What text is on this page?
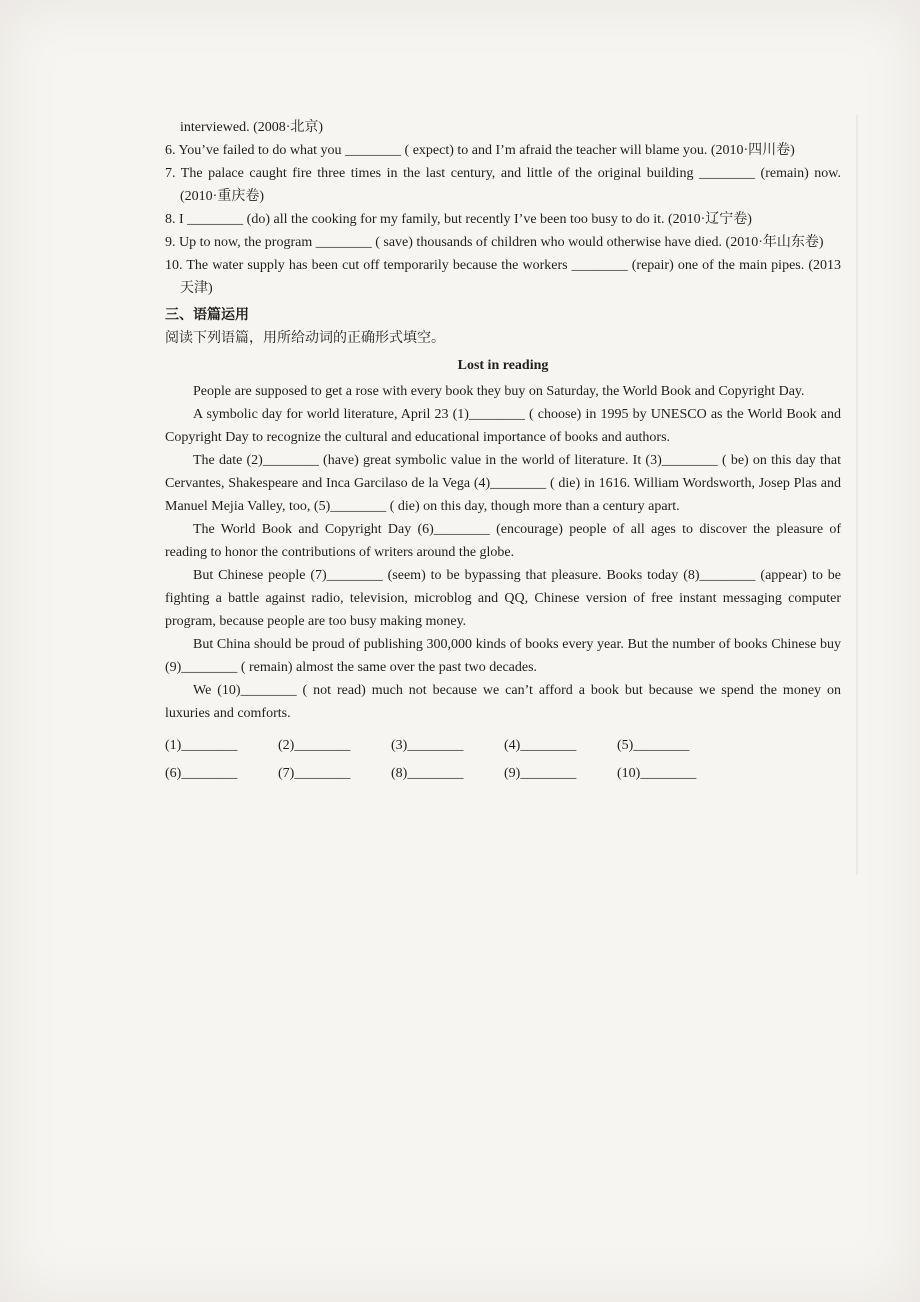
interviewed. (2008·北京)

6. You’ve failed to do what you ________ ( expect) to and I’m afraid the teacher will blame you. (2010·四川卷)

7. The palace caught fire three times in the last century, and little of the original building ________ (remain) now. (2010·重庆卷)

8. I ________ (do) all the cooking for my family, but recently I’ve been too busy to do it. (2010·辽宁卷)

9. Up to now, the program ________ ( save) thousands of children who would otherwise have died. (2010·年山东卷)

10. The water supply has been cut off temporarily because the workers ________ (repair) one of the main pipes. (2013 天津)

三、语篇运用

阅读下列语篇，用所给动词的正确形式填空。

Lost in reading

People are supposed to get a rose with every book they buy on Saturday, the World Book and Copyright Day.

A symbolic day for world literature, April 23 (1)________ ( choose) in 1995 by UNESCO as the World Book and Copyright Day to recognize the cultural and educational importance of books and authors.

The date (2)________ (have) great symbolic value in the world of literature. It (3)________ ( be) on this day that Cervantes, Shakespeare and Inca Garcilaso de la Vega (4)________ ( die) in 1616. William Wordsworth, Josep Plas and Manuel Mejia Valley, too, (5)________ ( die) on this day, though more than a century apart.

The World Book and Copyright Day (6)________ (encourage) people of all ages to discover the pleasure of reading to honor the contributions of writers around the globe.

But Chinese people (7)________ (seem) to be bypassing that pleasure. Books today (8)________ (appear) to be fighting a battle against radio, television, microblog and QQ, Chinese version of free instant messaging computer program, because people are too busy making money.

But China should be proud of publishing 300,000 kinds of books every year. But the number of books Chinese buy (9)________ ( remain) almost the same over the past two decades.

We (10)________ ( not read) much not because we can’t afford a book but because we spend the money on luxuries and comforts.

(1)________	(2)________	(3)________	(4)________	(5)________
(6)________	(7)________	(8)________	(9)________	(10)________
